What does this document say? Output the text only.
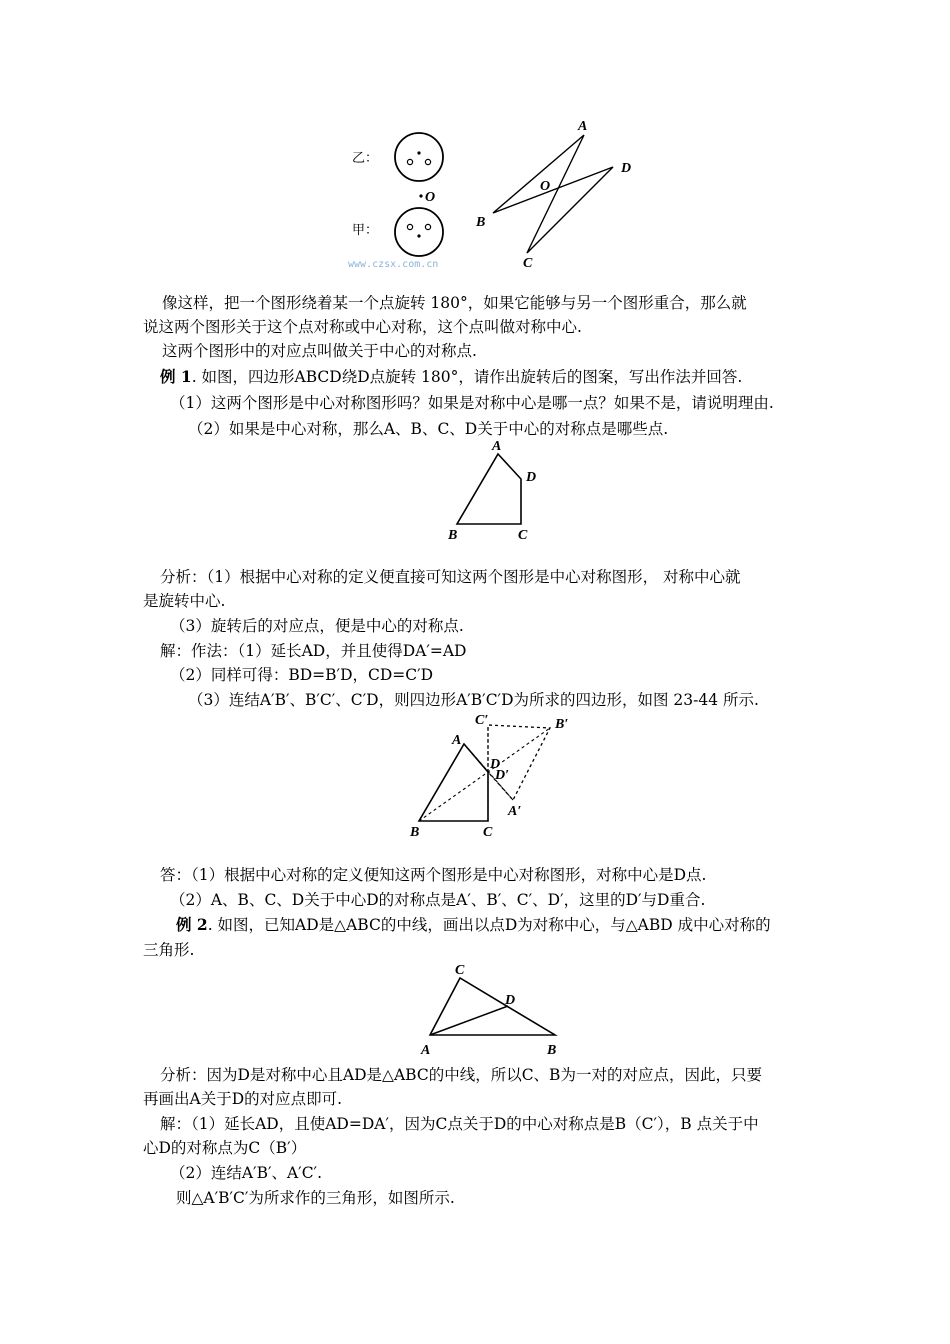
乙：
O
甲：
www.czsx.com.cn
A
D
O
B
C
像这样，把一个图形绕着某一个点旋转 180°，如果它能够与另一个图形重合，那么就
说这两个图形关于这个点对称或中心对称，这个点叫做对称中心.
这两个图形中的对应点叫做关于中心的对称点.
例 1. 如图，四边形ABCD绕D点旋转 180°，请作出旋转后的图案，写出作法并回答.
（1）这两个图形是中心对称图形吗？如果是对称中心是哪一点？如果不是，请说明理由.
（2）如果是中心对称，那么A、B、C、D关于中心的对称点是哪些点.
A
D
B	C
分析：（1）根据中心对称的定义便直接可知这两个图形是中心对称图形， 对称中心就
是旋转中心.
（3）旋转后的对应点，便是中心的对称点.
解：作法：（1）延长AD，并且使得DA′=AD
（2）同样可得：BD=B′D，CD=C′D
（3）连结A′B′、B′C′、C′D，则四边形A′B′C′D为所求的四边形，如图 23-44 所示.
C′	B′
A
D
D′
A′
B	C
答：（1）根据中心对称的定义便知这两个图形是中心对称图形，对称中心是D点.
（2）A、B、C、D关于中心D的对称点是A′、B′、C′、D′，这里的D′与D重合.
例 2. 如图，已知AD是△ABC的中线，画出以点D为对称中心，与△ABD 成中心对称的
三角形.
C
D
A	B
分析：因为D是对称中心且AD是△ABC的中线，所以C、B为一对的对应点，因此，只要
再画出A关于D的对应点即可.
解：（1）延长AD，且使AD=DA′，因为C点关于D的中心对称点是B（C′），B 点关于中
心D的对称点为C（B′）
（2）连结A′B′、A′C′.
则△A′B′C′为所求作的三角形，如图所示.
